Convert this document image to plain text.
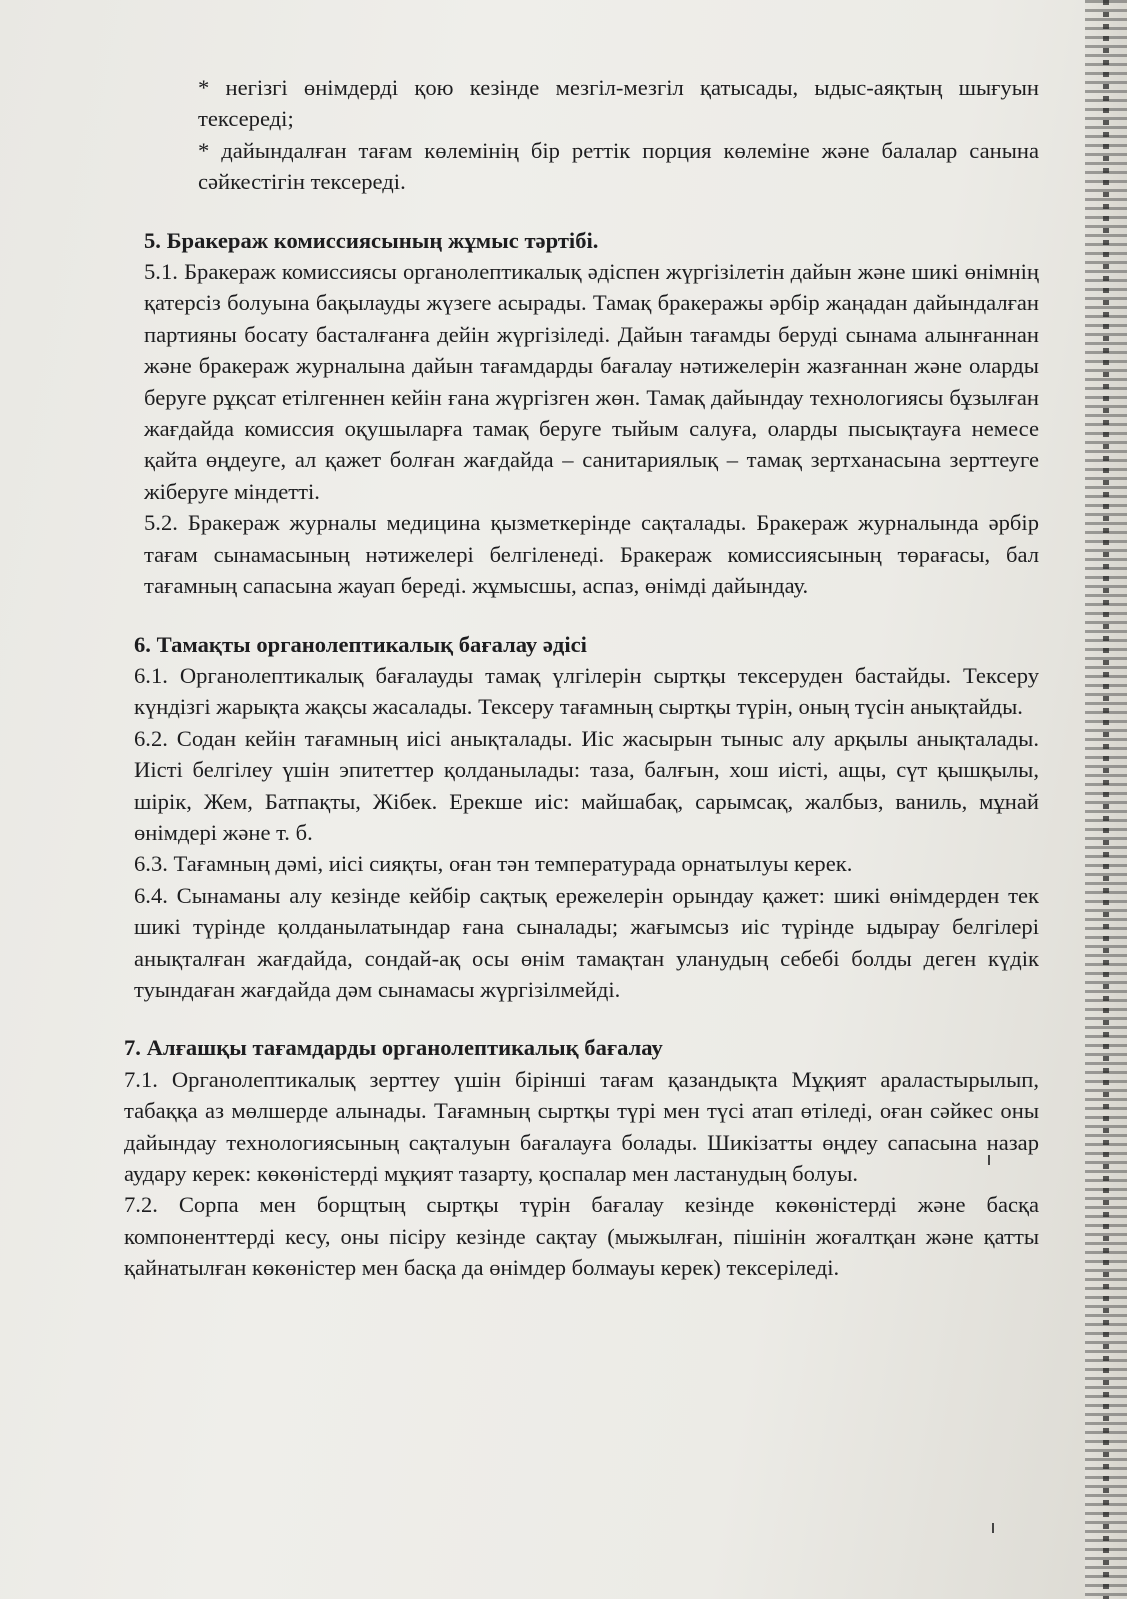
* негізгі өнімдерді қою кезінде мезгіл-мезгіл қатысады, ыдыс-аяқтың шығуын тексереді;

* дайындалған тағам көлемінің бір реттік порция көлеміне және балалар санына сәйкестігін тексереді.

5. Бракераж комиссиясының жұмыс тәртібі.

5.1. Бракераж комиссиясы органолептикалық әдіспен жүргізілетін дайын және шикі өнімнің қатерсіз болуына бақылауды жүзеге асырады. Тамақ бракеражы әрбір жаңадан дайындалған партияны босату басталғанға дейін жүргізіледі. Дайын тағамды беруді сынама алынғаннан және бракераж журналына дайын тағамдарды бағалау нәтижелерін жазғаннан және оларды беруге рұқсат етілгеннен кейін ғана жүргізген жөн. Тамақ дайындау технологиясы бұзылған жағдайда комиссия оқушыларға тамақ беруге тыйым салуға, оларды пысықтауға немесе қайта өңдеуге, ал қажет болған жағдайда – санитариялық – тамақ зертханасына зерттеуге жіберуге міндетті.

5.2. Бракераж журналы медицина қызметкерінде сақталады. Бракераж журналында әрбір тағам сынамасының нәтижелері белгіленеді. Бракераж комиссиясының төрағасы, бал тағамның сапасына жауап береді. жұмысшы, аспаз, өнімді дайындау.

6. Тамақты органолептикалық бағалау әдісі

6.1. Органолептикалық бағалауды тамақ үлгілерін сыртқы тексеруден бастайды. Тексеру күндізгі жарықта жақсы жасалады. Тексеру тағамның сыртқы түрін, оның түсін анықтайды.

6.2. Содан кейін тағамның иісі анықталады. Иіс жасырын тыныс алу арқылы анықталады. Иісті белгілеу үшін эпитеттер қолданылады: таза, балғын, хош иісті, ащы, сүт қышқылы, шірік, Жем, Батпақты, Жібек. Ерекше иіс: майшабақ, сарымсақ, жалбыз, ваниль, мұнай өнімдері және т. б.

6.3. Тағамның дәмі, иісі сияқты, оған тән температурада орнатылуы керек.

6.4. Сынаманы алу кезінде кейбір сақтық ережелерін орындау қажет: шикі өнімдерден тек шикі түрінде қолданылатындар ғана сыналады; жағымсыз иіс түрінде ыдырау белгілері анықталған жағдайда, сондай-ақ осы өнім тамақтан уланудың себебі болды деген күдік туындаған жағдайда дәм сынамасы жүргізілмейді.

7. Алғашқы тағамдарды органолептикалық бағалау

7.1. Органолептикалық зерттеу үшін бірінші тағам қазандықта Мұқият араластырылып, табаққа аз мөлшерде алынады. Тағамның сыртқы түрі мен түсі атап өтіледі, оған сәйкес оны дайындау технологиясының сақталуын бағалауға болады. Шикізатты өңдеу сапасына назар аудару керек: көкөністерді мұқият тазарту, қоспалар мен ластанудың болуы.

7.2. Сорпа мен борщтың сыртқы түрін бағалау кезінде көкөністерді және басқа компоненттерді кесу, оны пісіру кезінде сақтау (мыжылған, пішінін жоғалтқан және қатты қайнатылған көкөністер мен басқа да өнімдер болмауы керек) тексеріледі.
